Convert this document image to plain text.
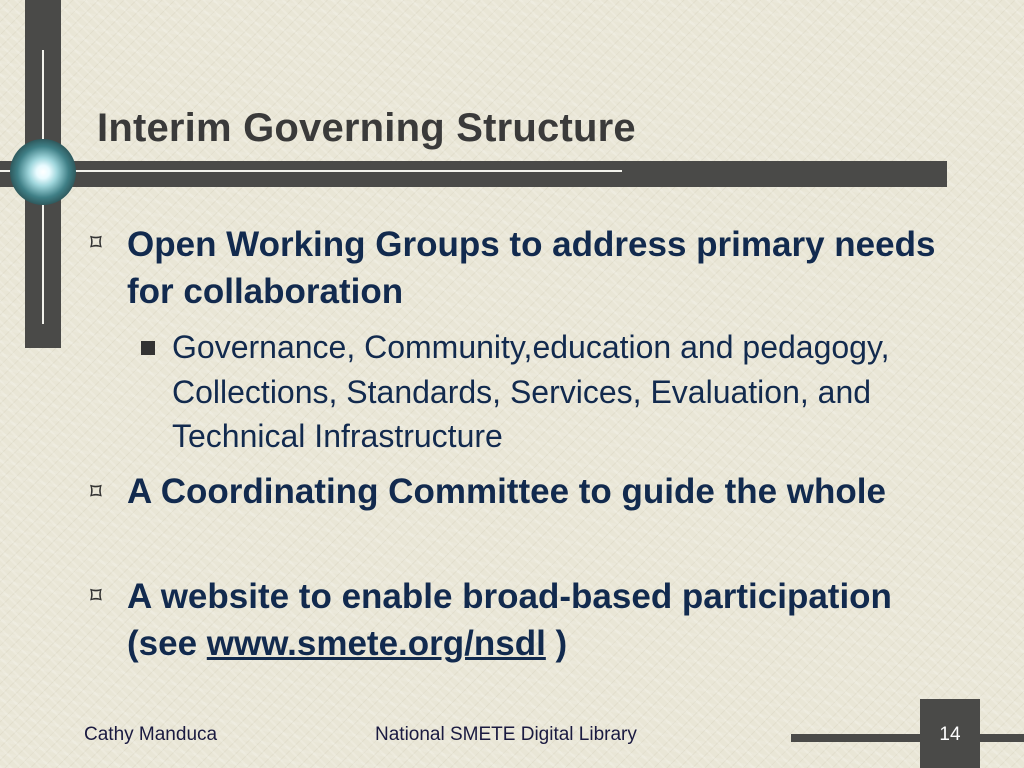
Interim Governing Structure
⌑ Open Working Groups to address primary needs for collaboration
Governance, Community,education and pedagogy, Collections, Standards, Services, Evaluation, and Technical Infrastructure
⌑ A Coordinating Committee to guide the whole
⌑ A website to enable broad-based participation (see www.smete.org/nsdl )
Cathy Manduca	National SMETE Digital Library	14
